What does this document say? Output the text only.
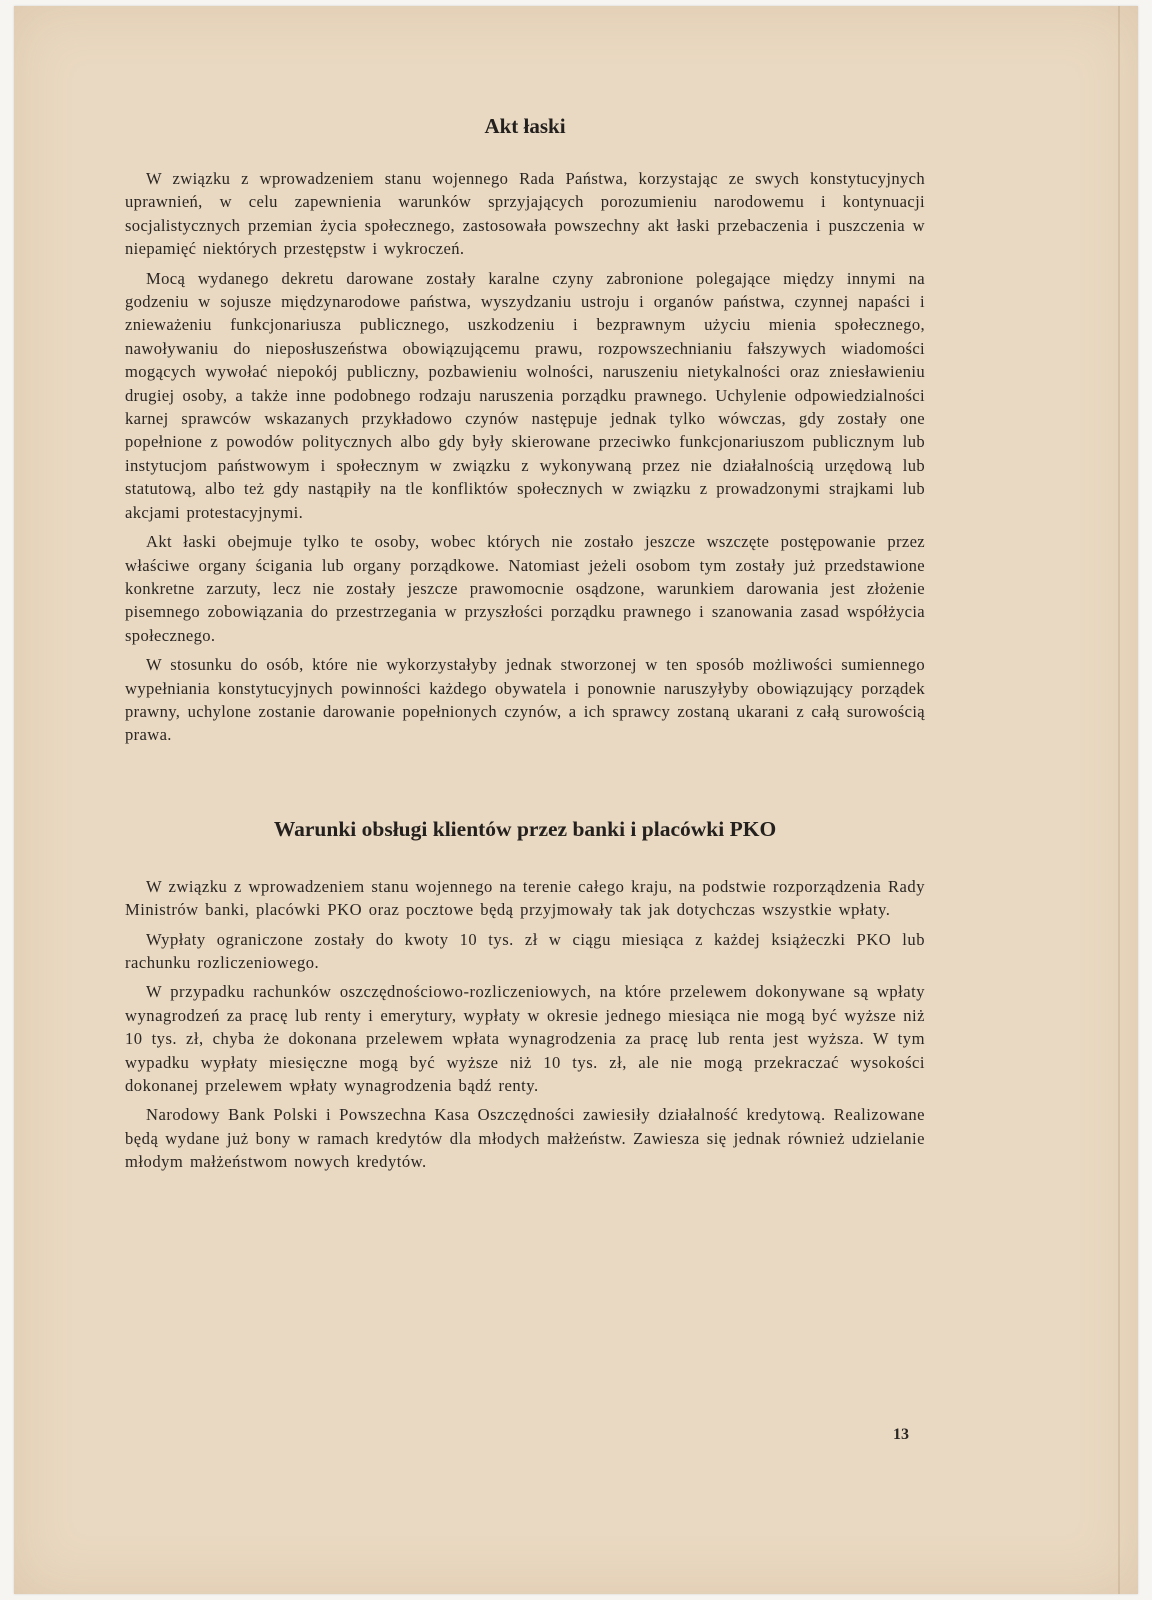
Akt łaski

W związku z wprowadzeniem stanu wojennego Rada Państwa, korzystając ze swych konstytucyjnych uprawnień, w celu zapewnienia warunków sprzyjających porozumieniu narodowemu i kontynuacji socjalistycznych przemian życia społecznego, zastosowała powszechny akt łaski przebaczenia i puszczenia w niepamięć niektórych przestępstw i wykroczeń.

Mocą wydanego dekretu darowane zostały karalne czyny zabronione polegające między innymi na godzeniu w sojusze międzynarodowe państwa, wyszydzaniu ustroju i organów państwa, czynnej napaści i znieważeniu funkcjonariusza publicznego, uszkodzeniu i bezprawnym użyciu mienia społecznego, nawoływaniu do nieposłuszeństwa obowiązującemu prawu, rozpowszechnianiu fałszywych wiadomości mogących wywołać niepokój publiczny, pozbawieniu wolności, naruszeniu nietykalności oraz zniesławieniu drugiej osoby, a także inne podobnego rodzaju naruszenia porządku prawnego. Uchylenie odpowiedzialności karnej sprawców wskazanych przykładowo czynów następuje jednak tylko wówczas, gdy zostały one popełnione z powodów politycznych albo gdy były skierowane przeciwko funkcjonariuszom publicznym lub instytucjom państwowym i społecznym w związku z wykonywaną przez nie działalnością urzędową lub statutową, albo też gdy nastąpiły na tle konfliktów społecznych w związku z prowadzonymi strajkami lub akcjami protestacyjnymi.

Akt łaski obejmuje tylko te osoby, wobec których nie zostało jeszcze wszczęte postępowanie przez właściwe organy ścigania lub organy porządkowe. Natomiast jeżeli osobom tym zostały już przedstawione konkretne zarzuty, lecz nie zostały jeszcze prawomocnie osądzone, warunkiem darowania jest złożenie pisemnego zobowiązania do przestrzegania w przyszłości porządku prawnego i szanowania zasad współżycia społecznego.

W stosunku do osób, które nie wykorzystałyby jednak stworzonej w ten sposób możliwości sumiennego wypełniania konstytucyjnych powinności każdego obywatela i ponownie naruszyłyby obowiązujący porządek prawny, uchylone zostanie darowanie popełnionych czynów, a ich sprawcy zostaną ukarani z całą surowością prawa.

Warunki obsługi klientów przez banki i placówki PKO

W związku z wprowadzeniem stanu wojennego na terenie całego kraju, na podstwie rozporządzenia Rady Ministrów banki, placówki PKO oraz pocztowe będą przyjmowały tak jak dotychczas wszystkie wpłaty.

Wypłaty ograniczone zostały do kwoty 10 tys. zł w ciągu miesiąca z każdej książeczki PKO lub rachunku rozliczeniowego.

W przypadku rachunków oszczędnościowo-rozliczeniowych, na które przelewem dokonywane są wpłaty wynagrodzeń za pracę lub renty i emerytury, wypłaty w okresie jednego miesiąca nie mogą być wyższe niż 10 tys. zł, chyba że dokonana przelewem wpłata wynagrodzenia za pracę lub renta jest wyższa. W tym wypadku wypłaty miesięczne mogą być wyższe niż 10 tys. zł, ale nie mogą przekraczać wysokości dokonanej przelewem wpłaty wynagrodzenia bądź renty.

Narodowy Bank Polski i Powszechna Kasa Oszczędności zawiesiły działalność kredytową. Realizowane będą wydane już bony w ramach kredytów dla młodych małżeństw. Zawiesza się jednak również udzielanie młodym małżeństwom nowych kredytów.

13
